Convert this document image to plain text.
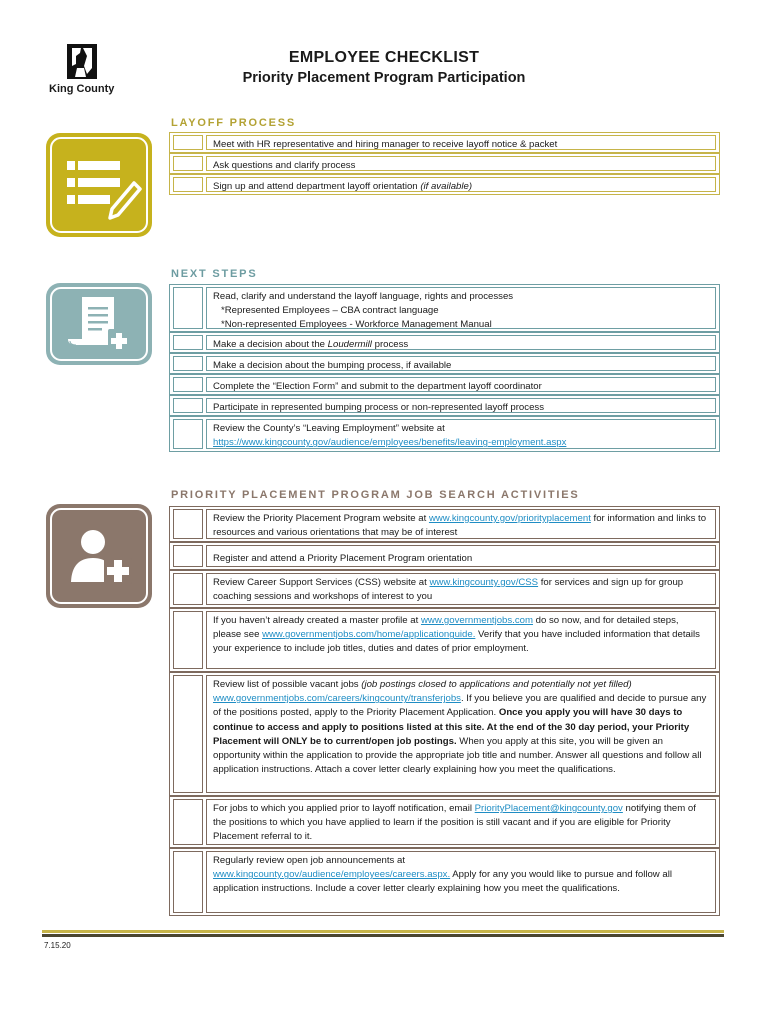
King County
EMPLOYEE CHECKLIST
Priority Placement Program Participation
LAYOFF PROCESS
Meet with HR representative and hiring manager to receive layoff notice & packet
Ask questions and clarify process
Sign up and attend department layoff orientation (if available)
NEXT STEPS
Read, clarify and understand the layoff language, rights and processes
*Represented Employees – CBA contract language
*Non-represented Employees - Workforce Management Manual
Make a decision about the Loudermill process
Make a decision about the bumping process, if available
Complete the “Election Form” and submit to the department layoff coordinator
Participate in represented bumping process or non-represented layoff process
Review the County’s “Leaving Employment” website at
https://www.kingcounty.gov/audience/employees/benefits/leaving-employment.aspx
PRIORITY PLACEMENT PROGRAM JOB SEARCH ACTIVITIES
Review the Priority Placement Program website at www.kingcounty.gov/priorityplacement for information and links to resources and various orientations that may be of interest
Register and attend a Priority Placement Program orientation
Review Career Support Services (CSS) website at www.kingcounty.gov/CSS for services and sign up for group coaching sessions and workshops of interest to you
If you haven’t already created a master profile at www.governmentjobs.com do so now, and for detailed steps, please see www.governmentjobs.com/home/applicationguide. Verify that you have included information that details your experience to include job titles, duties and dates of prior employment.
Review list of possible vacant jobs (job postings closed to applications and potentially not yet filled) www.governmentjobs.com/careers/kingcounty/transferjobs. If you believe you are qualified and decide to pursue any of the positions posted, apply to the Priority Placement Application. Once you apply you will have 30 days to continue to access and apply to positions listed at this site. At the end of the 30 day period, your Priority Placement will ONLY be to current/open job postings. When you apply at this site, you will be given an opportunity within the application to provide the appropriate job title and number. Answer all questions and follow all application instructions. Attach a cover letter clearly explaining how you meet the qualifications.
For jobs to which you applied prior to layoff notification, email PriorityPlacement@kingcounty.gov notifying them of the positions to which you have applied to learn if the position is still vacant and if you are eligible for Priority Placement referral to it.
Regularly review open job announcements at
www.kingcounty.gov/audience/employees/careers.aspx. Apply for any you would like to pursue and follow all application instructions. Include a cover letter clearly explaining how you meet the qualifications.
7.15.20
